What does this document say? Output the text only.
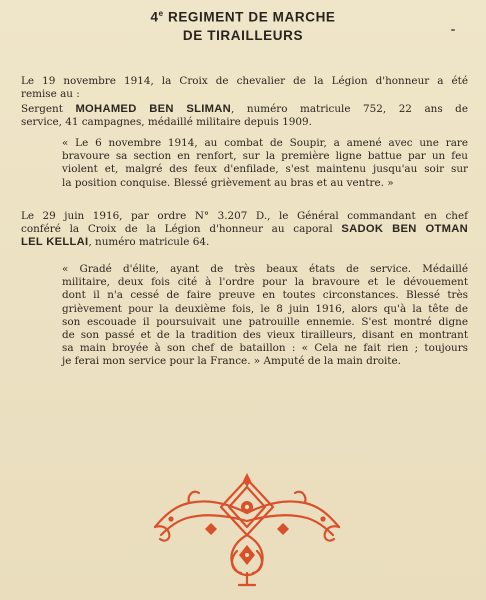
4e REGIMENT DE MARCHE
DE TIRAILLEURS
Le 19 novembre 1914, la Croix de chevalier de la Légion d'honneur a été
remise au :
Sergent MOHAMED BEN SLIMAN, numéro matricule 752, 22 ans de
service, 41 campagnes, médaillé militaire depuis 1909.
« Le 6 novembre 1914, au combat de Soupir, a amené avec une rare
bravoure sa section en renfort, sur la première ligne battue par un feu
violent et, malgré des feux d'enfilade, s'est maintenu jusqu'au soir sur
la position conquise. Blessé grièvement au bras et au ventre. »
Le 29 juin 1916, par ordre N° 3.207 D., le Général commandant en chef
conféré la Croix de la Légion d'honneur au caporal SADOK BEN OTMAN
LEL KELLAI, numéro matricule 64.
« Gradé d'élite, ayant de très beaux états de service. Médaillé
militaire, deux fois cité à l'ordre pour la bravoure et le dévouement
dont il n'a cessé de faire preuve en toutes circonstances. Blessé très
grièvement pour la deuxième fois, le 8 juin 1916, alors qu'à la tête de
son escouade il poursuivait une patrouille ennemie. S'est montré digne
de son passé et de la tradition des vieux tirailleurs, disant en montrant
sa main broyée à son chef de bataillon : « Cela ne fait rien ; toujours
je ferai mon service pour la France. » Amputé de la main droite.
